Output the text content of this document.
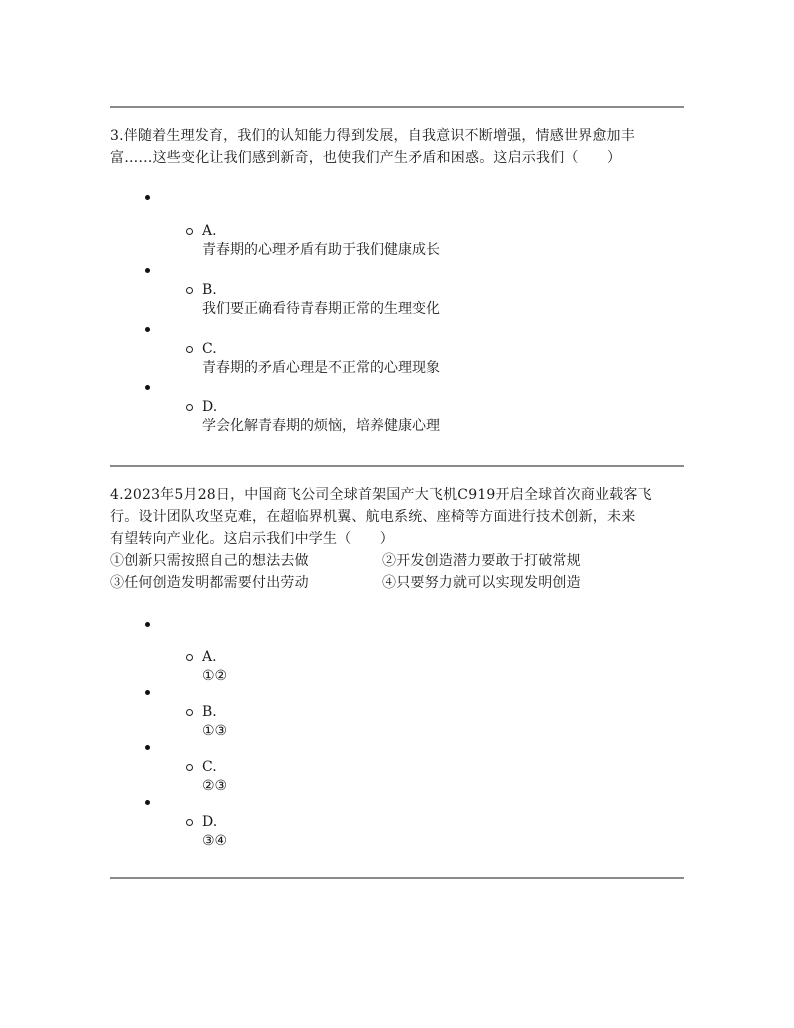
3.伴随着生理发育，我们的认知能力得到发展，自我意识不断增强，情感世界愈加丰
富……这些变化让我们感到新奇，也使我们产生矛盾和困惑。这启示我们（　　）
A.
青春期的心理矛盾有助于我们健康成长
B.
我们要正确看待青春期正常的生理变化
C.
青春期的矛盾心理是不正常的心理现象
D.
学会化解青春期的烦恼，培养健康心理
4.2023年5月28日，中国商飞公司全球首架国产大飞机C919开启全球首次商业载客飞
行。设计团队攻坚克难，在超临界机翼、航电系统、座椅等方面进行技术创新，未来
有望转向产业化。这启示我们中学生（　　）
①创新只需按照自己的想法去做	②开发创造潜力要敢于打破常规
③任何创造发明都需要付出劳动	④只要努力就可以实现发明创造
A.
①②
B.
①③
C.
②③
D.
③④
